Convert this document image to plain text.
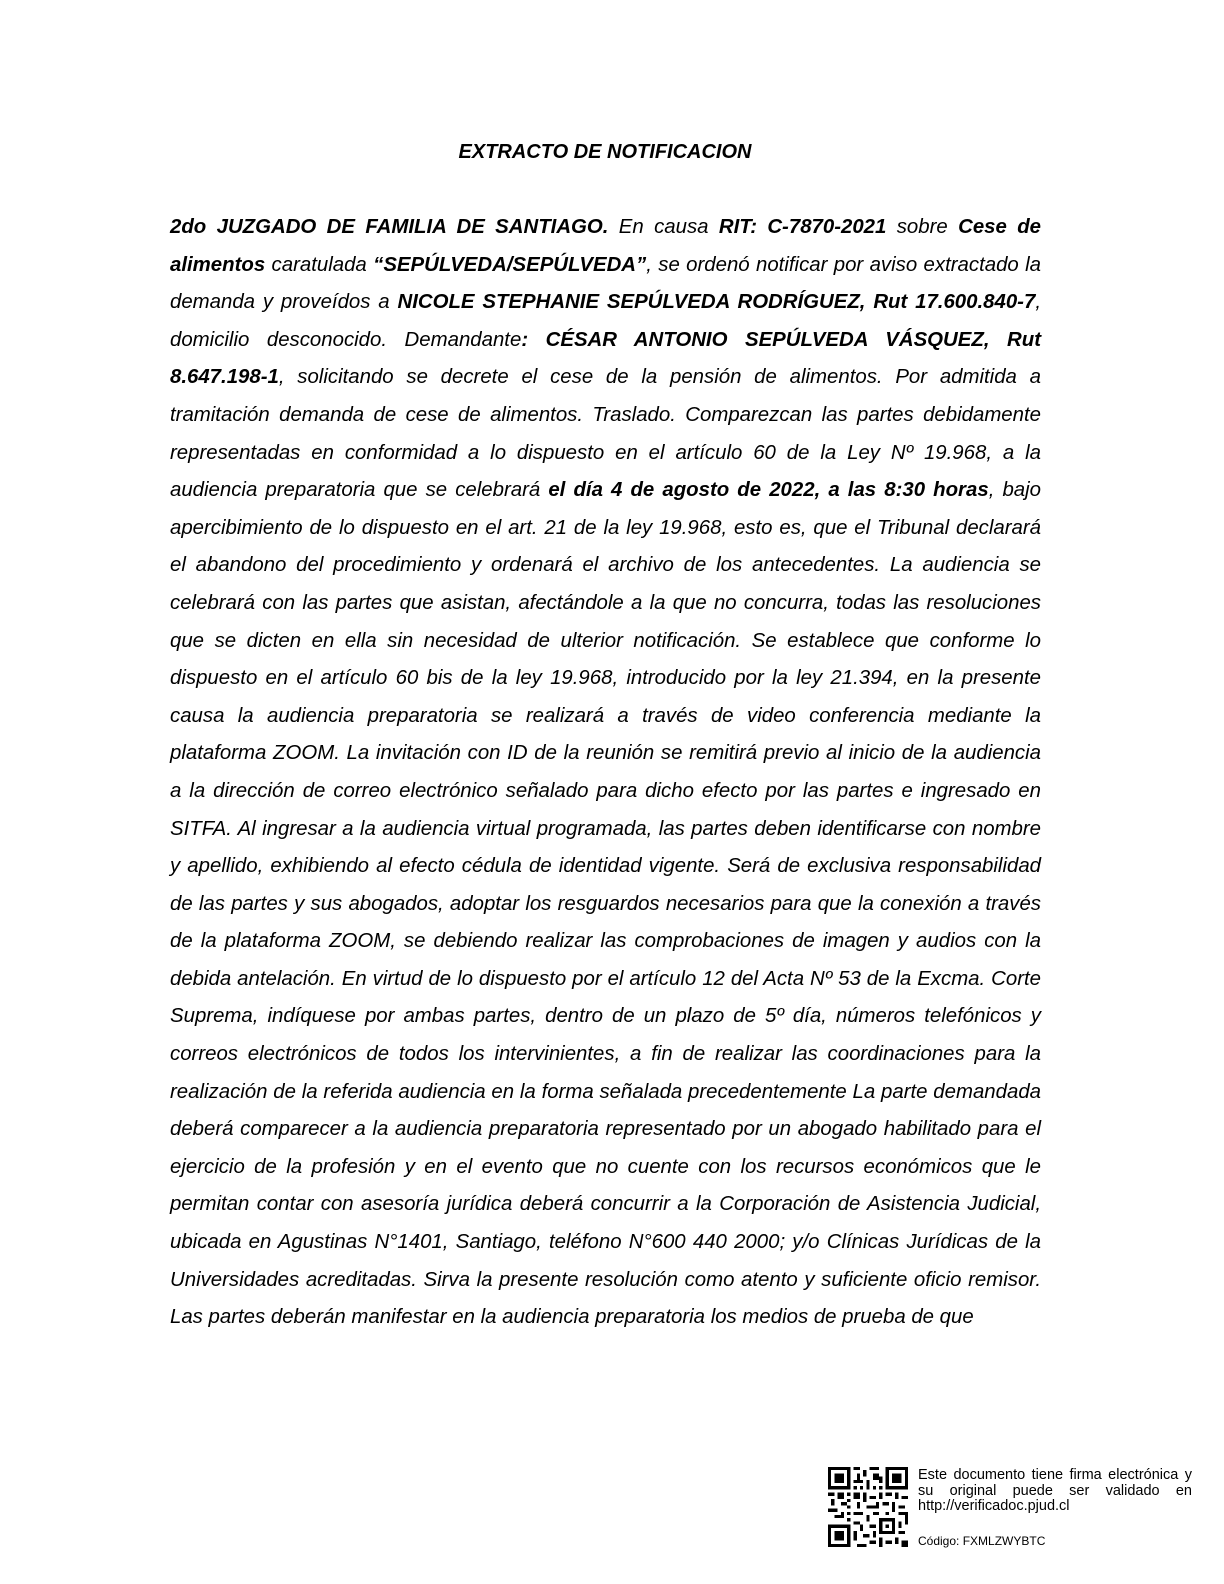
EXTRACTO DE NOTIFICACION

2do JUZGADO DE FAMILIA DE SANTIAGO. En causa RIT: C-7870-2021 sobre Cese de alimentos caratulada “SEPÚLVEDA/SEPÚLVEDA”, se ordenó notificar por aviso extractado la demanda y proveídos a NICOLE STEPHANIE SEPÚLVEDA RODRÍGUEZ, Rut 17.600.840-7, domicilio desconocido. Demandante: CÉSAR ANTONIO SEPÚLVEDA VÁSQUEZ, Rut 8.647.198-1, solicitando se decrete el cese de la pensión de alimentos. Por admitida a tramitación demanda de cese de alimentos. Traslado. Comparezcan las partes debidamente representadas en conformidad a lo dispuesto en el artículo 60 de la Ley Nº 19.968, a la audiencia preparatoria que se celebrará el día 4 de agosto de 2022, a las 8:30 horas, bajo apercibimiento de lo dispuesto en el art. 21 de la ley 19.968, esto es, que el Tribunal declarará el abandono del procedimiento y ordenará el archivo de los antecedentes. La audiencia se celebrará con las partes que asistan, afectándole a la que no concurra, todas las resoluciones que se dicten en ella sin necesidad de ulterior notificación. Se establece que conforme lo dispuesto en el artículo 60 bis de la ley 19.968, introducido por la ley 21.394, en la presente causa la audiencia preparatoria se realizará a través de video conferencia mediante la plataforma ZOOM. La invitación con ID de la reunión se remitirá previo al inicio de la audiencia a la dirección de correo electrónico señalado para dicho efecto por las partes e ingresado en SITFA. Al ingresar a la audiencia virtual programada, las partes deben identificarse con nombre y apellido, exhibiendo al efecto cédula de identidad vigente. Será de exclusiva responsabilidad de las partes y sus abogados, adoptar los resguardos necesarios para que la conexión a través de la plataforma ZOOM, se debiendo realizar las comprobaciones de imagen y audios con la debida antelación. En virtud de lo dispuesto por el artículo 12 del Acta Nº 53 de la Excma. Corte Suprema, indíquese por ambas partes, dentro de un plazo de 5º día, números telefónicos y correos electrónicos de todos los intervinientes, a fin de realizar las coordinaciones para la realización de la referida audiencia en la forma señalada precedentemente La parte demandada deberá comparecer a la audiencia preparatoria representado por un abogado habilitado para el ejercicio de la profesión y en el evento que no cuente con los recursos económicos que le permitan contar con asesoría jurídica deberá concurrir a la Corporación de Asistencia Judicial, ubicada en Agustinas N°1401, Santiago, teléfono N°600 440 2000; y/o Clínicas Jurídicas de la Universidades acreditadas. Sirva la presente resolución como atento y suficiente oficio remisor. Las partes deberán manifestar en la audiencia preparatoria los medios de prueba de que

Este documento tiene firma electrónica y su original puede ser validado en http://verificadoc.pjud.cl
Código: FXMLZWYBTC
